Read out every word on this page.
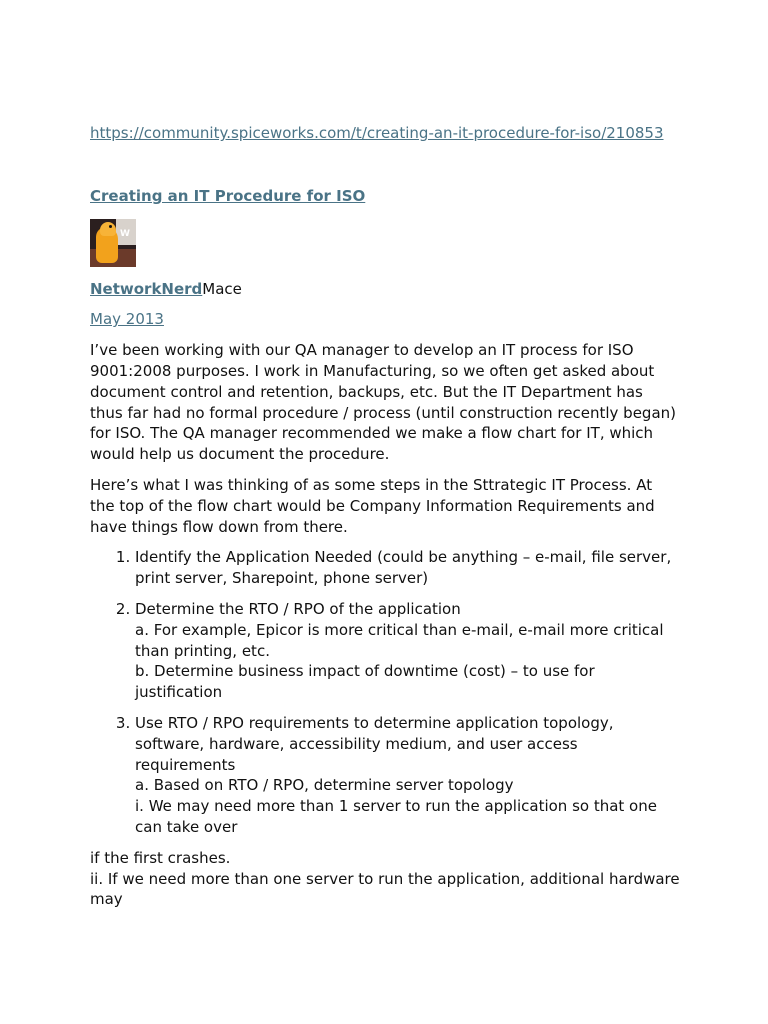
https://community.spiceworks.com/t/creating-an-it-procedure-for-iso/210853
Creating an IT Procedure for ISO
W
NetworkNerdMace
May 2013

I’ve been working with our QA manager to develop an IT process for ISO 9001:2008 purposes. I work in Manufacturing, so we often get asked about document control and retention, backups, etc. But the IT Department has thus far had no formal procedure / process (until construction recently began) for ISO. The QA manager recommended we make a flow chart for IT, which would help us document the procedure.

Here’s what I was thinking of as some steps in the Sttrategic IT Process. At the top of the flow chart would be Company Information Requirements and have things flow down from there.

1. Identify the Application Needed (could be anything – e-mail, file server, print server, Sharepoint, phone server)
2. Determine the RTO / RPO of the application
a. For example, Epicor is more critical than e-mail, e-mail more critical than printing, etc.
b. Determine business impact of downtime (cost) – to use for justification
3. Use RTO / RPO requirements to determine application topology, software, hardware, accessibility medium, and user access requirements
a. Based on RTO / RPO, determine server topology
i. We may need more than 1 server to run the application so that one can take over
if the first crashes.
ii. If we need more than one server to run the application, additional hardware may
